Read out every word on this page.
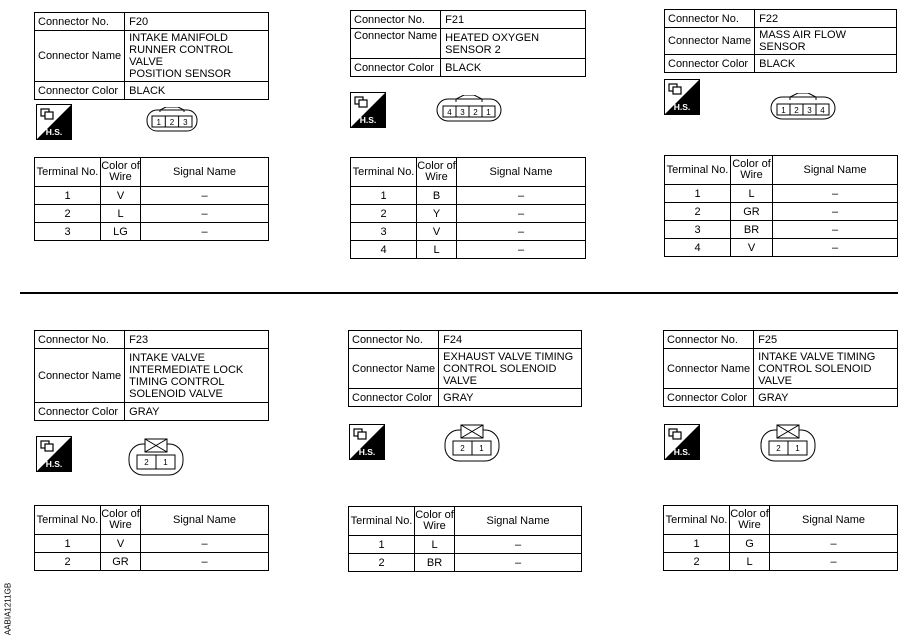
Connector No.	F20
Connector Name	INTAKE MANIFOLD
RUNNER CONTROL VALVE
POSITION SENSOR

Connector Color	BLACK
H.S.
1 2 3
Terminal No.	Color of
Wire	Signal Name
1	V	–
2	L	–
3	LG	–
Connector No.	F21
Connector Name	HEATED OXYGEN
SENSOR 2

Connector Color	BLACK
H.S.
4 3 2 1
Terminal No.	Color of
Wire	Signal Name
1	B	–
2	Y	–
3	V	–
4	L	–
Connector No.	F22
Connector Name	MASS AIR FLOW SENSOR

Connector Color	BLACK
H.S.	1 2 3 4
Terminal No.	Color of
Wire	Signal Name
1	L	–
2	GR	–
3	BR	–
4	V	–
Connector No.	F23
Connector Name	INTAKE VALVE
INTERMEDIATE LOCK
TIMING CONTROL
SOLENOID VALVE

Connector Color	GRAY
H.S.	2 1
Terminal No.	Color of
Wire	Signal Name
1	V	–
2	GR	–
Connector No.	F24
Connector Name	EXHAUST VALVE TIMING
CONTROL SOLENOID
VALVE

Connector Color	GRAY
H.S.	2 1
Terminal No.	Color of
Wire	Signal Name
1	L	–
2	BR	–
Connector No.	F25
Connector Name	INTAKE VALVE TIMING
CONTROL SOLENOID
VALVE

Connector Color	GRAY
H.S.	2 1
Terminal No.	Color of
Wire	Signal Name
1	G	–
2	L	–
AABIA1211GB
